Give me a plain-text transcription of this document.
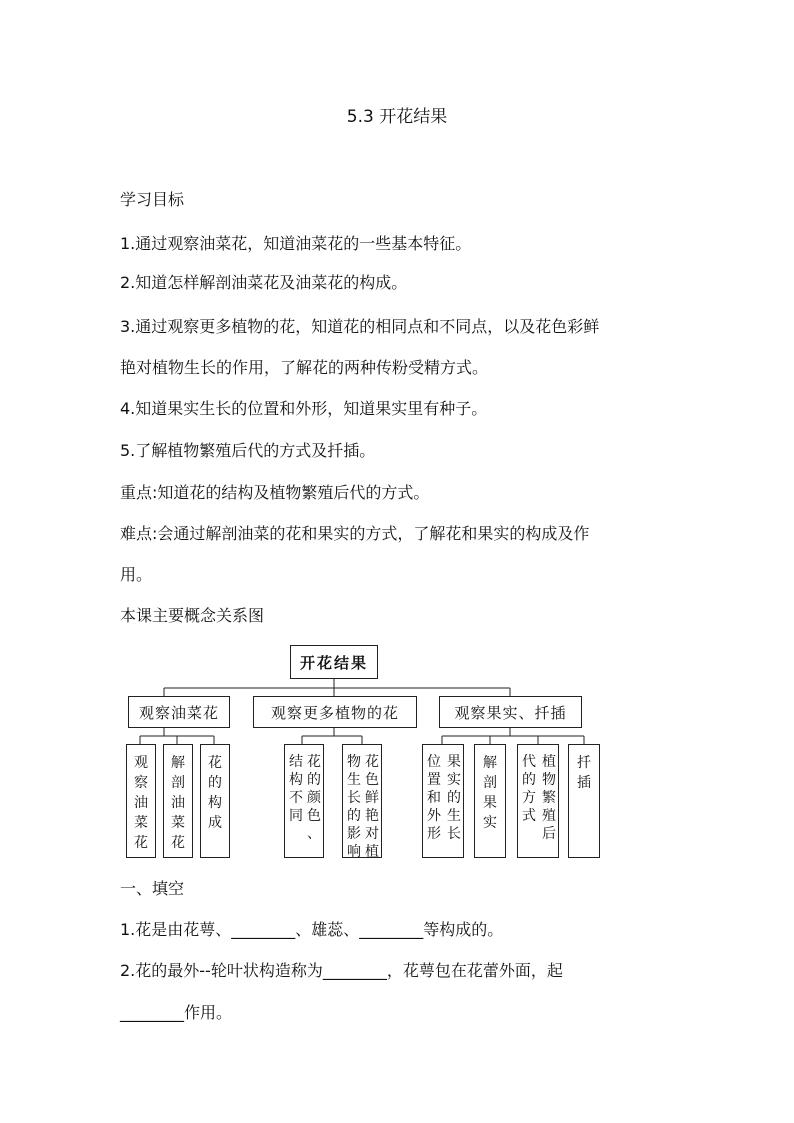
5.3 开花结果
学习目标
1.通过观察油菜花，知道油菜花的一些基本特征。
2.知道怎样解剖油菜花及油菜花的构成。
3.通过观察更多植物的花，知道花的相同点和不同点，以及花色彩鲜
艳对植物生长的作用，了解花的两种传粉受精方式。
4.知道果实生长的位置和外形，知道果实里有种子。
5.了解植物繁殖后代的方式及扦插。
重点:知道花的结构及植物繁殖后代的方式。
难点:会通过解剖油菜的花和果实的方式，了解花和果实的构成及作
用。
本课主要概念关系图
开花结果
观察油菜花	观察更多植物的花	观察果实、扦插
观察油菜花
解剖油菜花
花的构成
花
的
颜
色
、
结
构
不
同
花
色
鲜
艳
对
植
物
生
长
的
影
响
果
实
的
生
长
位
置
和
外
形
解剖果实
植
物
繁
殖
后
代
的
方
式
扦插
一、填空
1.花是由花萼、________、雄蕊、________等构成的。
2.花的最外--轮叶状构造称为________，花萼包在花蕾外面，起
________作用。
